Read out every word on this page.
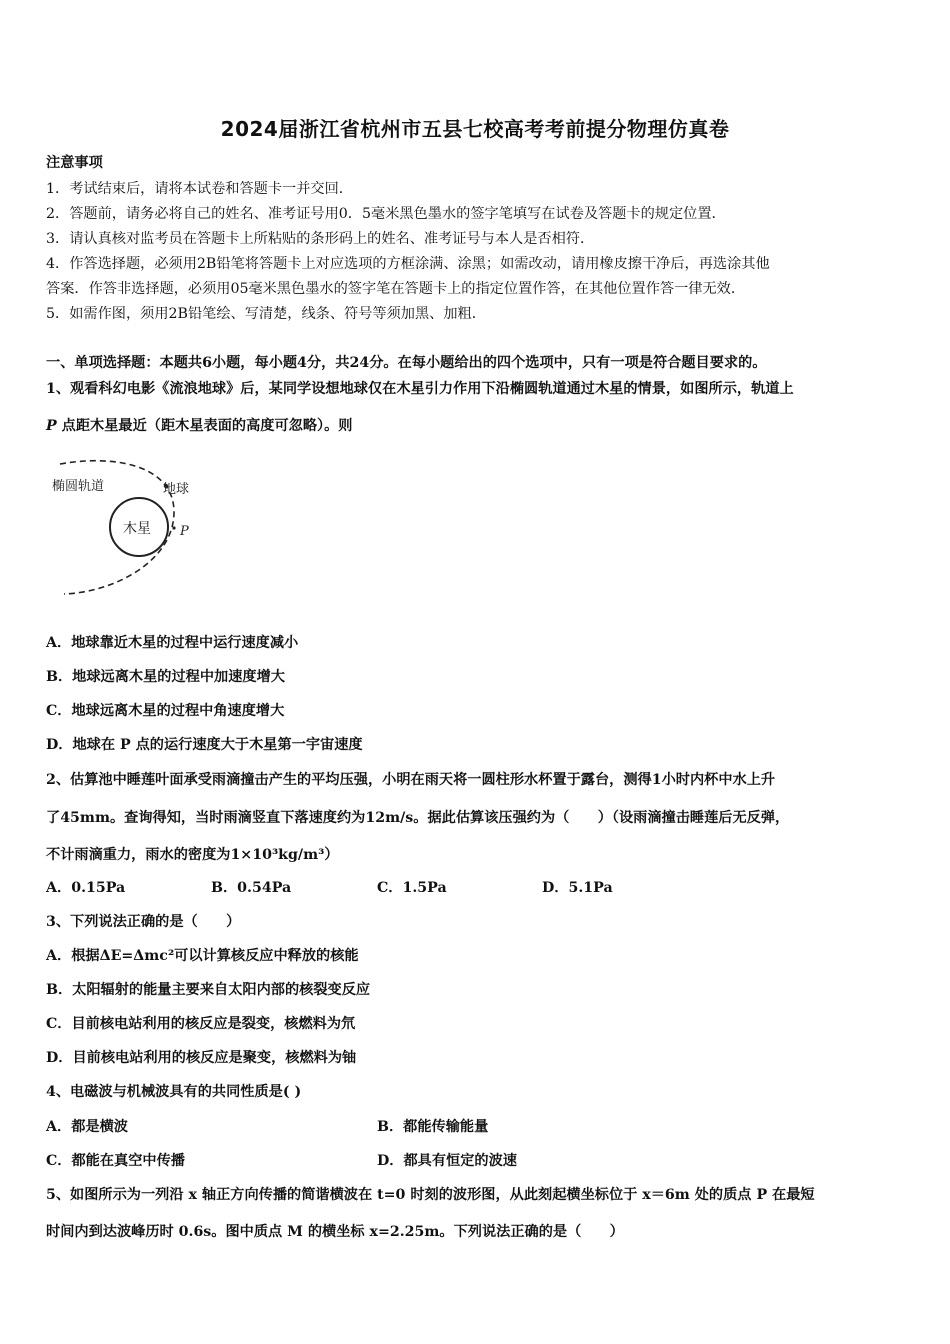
2024届浙江省杭州市五县七校高考考前提分物理仿真卷
注意事项
1．考试结束后，请将本试卷和答题卡一并交回．
2．答题前，请务必将自己的姓名、准考证号用0．5毫米黑色墨水的签字笔填写在试卷及答题卡的规定位置．
3．请认真核对监考员在答题卡上所粘贴的条形码上的姓名、准考证号与本人是否相符．
4．作答选择题，必须用2B铅笔将答题卡上对应选项的方框涂满、涂黑；如需改动，请用橡皮擦干净后，再选涂其他
答案．作答非选择题，必须用05毫米黑色墨水的签字笔在答题卡上的指定位置作答，在其他位置作答一律无效．
5．如需作图，须用2B铅笔绘、写清楚，线条、符号等须加黑、加粗．
一、单项选择题：本题共6小题，每小题4分，共24分。在每小题给出的四个选项中，只有一项是符合题目要求的。
1、观看科幻电影《流浪地球》后，某同学设想地球仅在木星引力作用下沿椭圆轨道通过木星的情景，如图所示，轨道上
P 点距木星最近（距木星表面的高度可忽略）。则
椭圆轨道	地球
木星 P
A．地球靠近木星的过程中运行速度减小
B．地球远离木星的过程中加速度增大
C．地球远离木星的过程中角速度增大
D．地球在 P 点的运行速度大于木星第一宇宙速度
2、估算池中睡莲叶面承受雨滴撞击产生的平均压强，小明在雨天将一圆柱形水杯置于露台，测得1小时内杯中水上升
了45mm。查询得知，当时雨滴竖直下落速度约为12m/s。据此估算该压强约为（　　）（设雨滴撞击睡莲后无反弹，
不计雨滴重力，雨水的密度为1×10³kg/m³）
A．0.15Pa	B．0.54Pa	C．1.5Pa	D．5.1Pa
3、下列说法正确的是（　　）
A．根据ΔE=Δmc²可以计算核反应中释放的核能
B．太阳辐射的能量主要来自太阳内部的核裂变反应
C．目前核电站利用的核反应是裂变，核燃料为氘
D．目前核电站利用的核反应是聚变，核燃料为铀
4、电磁波与机械波具有的共同性质是( )
A．都是横波	B．都能传输能量
C．都能在真空中传播	D．都具有恒定的波速
5、如图所示为一列沿 x 轴正方向传播的简谐横波在 t=0 时刻的波形图，从此刻起横坐标位于 x＝6m 处的质点 P 在最短
时间内到达波峰历时 0.6s。图中质点 M 的横坐标 x=2.25m。下列说法正确的是（　　）
